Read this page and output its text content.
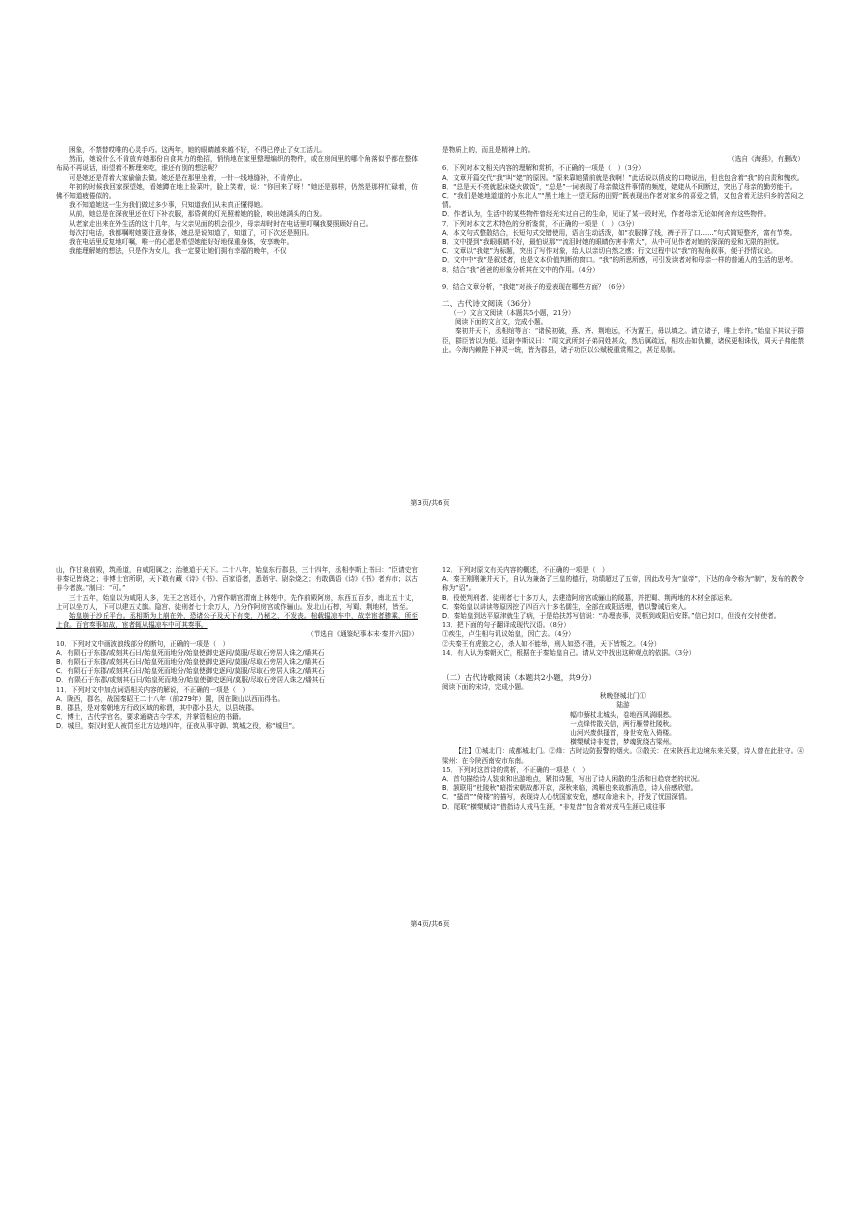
困象，不禁替哎唯的心灵手巧。这两年，她的眼睛越来越不好，不得已停止了女工活儿。

然而，她说什么不肯放弃她那份自食其力的绝招，悄悄地在家里整理编织的物件，或在房间里的哪个角落似乎都在整体布局不再说话，盼望着不断理来吃，谁还有别的想法呢？

可是她还是背着大家偷偷去做。她还是在那里坐着，一针一线地缝补，不肯停止。

年初的时候我回家探望她，看她蹲在地上捡菜叶，脸上笑着，说：“你回来了呀！”她还是那样，仍然是那样忙碌着，仿佛不知道疲倦似的。

我不知道她这一生为我们做过多少事，只知道我们从未真正懂得她。

从前，她总是在深夜里还在灯下补衣服，那昏黄的灯光照着她的脸，映出她满头的白发。

从老家走出来在外生活的这十几年，与父亲见面的机会很少，母亲却时时在电话里叮嘱我要照顾好自己。

每次打电话，我都嘱咐她要注意身体，她总是说知道了，知道了，可下次还是照旧。

我在电话里反复地叮嘱，唯一的心愿是希望她能好好地保重身体，安享晚年。

我能理解她的想法，只是作为女儿，我一定要让她们拥有幸福的晚年，不仅

是物质上的，而且是精神上的。

（选自《海燕》，有删改）

6．下列对本文相关内容的理解和赏析，不正确的一项是（　）（3分）

A．文章开篇交代“我”叫“姥”的原因。“原来靠她猜前就是我啊！”此话说以俏皮的口吻说出，但也包含着“我”的自责和愧疚。

B．“总是天不亮就起床烧火做饭”，“总是”一词表现了母亲做这件事情的频度，姥姥从不间断过，突出了母亲的勤劳能干。

C．“我们是她地道道的小东北人”“黑土地上一望无际的田野”既表现出作者对家乡的喜爱之情，又包含着无法归乡的苦闷之情。

D．作者认为，生活中的某些物件曾经光实过自己的生命，见证了某一段时光，作者母亲无论如何舍弃这些物件。

7．下列对本文艺术特色的分析鉴赏，不正确的一项是（　）（3分）

A．本文句式整散结合，长短句式交错使用，语言生动活泼，如“衣服撑了线，裤子开了口……”句式简短整齐，富有节奏。

B．文中提到“我眼眼睛不好，最怕说那”“流泪时她的眼睛伤害非常大”，从中可见作者对她的深深的爱和无限的担忧。

C．文章以“我姥”为标题，突出了写作对象，给人以亲切自然之感；行文过程中以“我”的视角叙事，便于抒情议论。

D．文中中“我”是叙述者，也是文本价值判断的窗口。“我”的所思所感，可引发读者对和母亲一样的普通人的生活的思考。

8．结合“我”爸爸的形象分析其在文中的作用。（4分）

9．结合文章分析，“我姥”对孩子的爱表现在哪些方面？（6分）

二、古代诗文阅读（36分）

（一）文言文阅读（本题共5小题，21分）

阅读下面的文言文，完成小题。

秦初并天下，丞相绾等言：“诸侯初破，燕、齐、荆地远，不为置王，毋以填之。请立诸子，唯上幸许。”始皇下其议于群臣，群臣皆以为便。廷尉李斯议曰：“周文武所封子弟同姓甚众，然后属疏远，相攻击如仇雠，诸侯更相诛伐，周天子弗能禁止。今海内赖陛下神灵一统，皆为郡县，诸子功臣以公赋税重赏赐之，甚足易制。

第3页/共6页

山，作甘泉前殿，筑甬道，自咸阳属之；治驰道于天下。二十八年，始皇东行郡县，三十四年，丞相李斯上书曰：“臣请史官非秦记皆烧之；非博士官所职，天下敢有藏《诗》《书》、百家语者，悉诣守、尉杂烧之；有敢偶语《诗》《书》者弃市；以古非今者族。”制曰：“可。”

三十五年，始皇以为咸阳人多，先王之宫廷小，乃营作朝宫渭南上林苑中，先作前殿阿房，东西五百步，南北五十丈，上可以坐万人，下可以建五丈旗。隐宫、徒刑者七十余万人，乃分作阿房宫或作骊山。发北山石椁，写蜀、荆地材，皆至。

始皇崩于沙丘平台。丞相斯为上崩在外，恐诸公子及天下有变，乃秘之，不发丧。棺载辒凉车中，故幸宦者骖乘，所至上食。百官奏事如故，宦者辄从辒凉车中可其奏事。

（节选自《通鉴纪事本末·秦并六国》）

10．下列对文中画波浪线部分的断句，正确的一项是（　）

A．有陨石于东郡/或刻其石曰/始皇死而地分/始皇使御史逐问/莫服/尽取石旁居人诛之/燔其石

B．有陨石于东郡/或刻其石曰/始皇死而地分/始皇使御史逐问/莫服/尽取石旁居人诛之/燔其石

C．有陨石于东郡/或刻其石曰/始皇死而地分/始皇使御史逐问/莫服/尽取石旁居人诛之/燔其石

D．有陨石于东郡/或刻其石曰/始皇死而地分/始皇使御史逐问/莫服/尽取石旁居人诛之/燔其石

11．下列对文中加点词语相关内容的解说，不正确的一项是（　）

A．陇西，郡名，战国秦昭王二十八年（前279年）置，因在陇山以西而得名。

B．郡县，是对秦朝地方行政区域的称谓，其中郡小县大，以县统郡。

C．博士，古代学官名，要求通晓古今学术，并掌管相应的书籍。

D．城旦，秦汉时犯人被罚至北方边地四年，征夜从事守御、筑城之役，称“城旦”。

12．下列对原文有关内容的概述，不正确的一项是（　）

A．秦王刚刚兼并天下，自认为兼备了三皇的德行，功绩超过了五帝，因此改号为“皇帝”，下达的命令称为“制”，发布的教令称为“诏”。

B．役使判刑者、徒刑者七十多万人，去建造阿房宫或骊山的陵墓，并把蜀、荆两地的木材全部运来。

C．秦始皇以讲读等原因挖了四百六十多名儒生，全部在咸阳活埋，借以警诫后来人。

D．秦始皇到达平原津就生了病，于是给扶苏写信说：“办理丧事，灵柩到咸阳后安葬。”信已封口，但没有交付使者。

13．把下面的句子翻译成现代汉语。（8分）

①疾生，卢生相与讥议始皇，因亡去。（4分）

②夫秦王有虎狼之心，杀人如不能举，刑人如恐不胜，天下皆叛之。（4分）

14．有人认为秦朝灭亡，根据在于秦始皇自己。请从文中找出这种观点的依据。（3分）

（二）古代诗歌阅读（本题共2小题，共9分）

阅读下面的宋诗，完成小题。

秋晚登城北门①

陆游

幅巾藜杖北城头，卷地西风满眼愁。

一点烽传散关信，两行雁带杜陵秋。

山河兴废供搔首，身世安危入倚楼。

横槊赋诗非复昔，梦魂犹绕古梁州。

【注】①城北门：成都城北门。②烽：古时边防报警的烟火。③散关：在宋陕西北边境东来关要，诗人曾在此驻守。④梁州：在今陕西南安市东南。

15．下列对这首诗的赏析，不正确的一项是（　）

A．首句描绘诗人装束和出游地点，紧扣诗题，写出了诗人闲散的生活和日趋衰老的状况。

B．颔联用“杜陵秋”暗指宋朝故都开京，深秋来临，鸿雁也来故都消息，诗人倍感欣慰。

C．“搔首”“倚楼”的描写，表现诗人心忧国家安危，感叹命途未卜，抒发了忧国深情。

D．尾联“横槊赋诗”借指诗人戎马生涯，“非复昔”包含着对戎马生涯已成往事

第4页/共6页
